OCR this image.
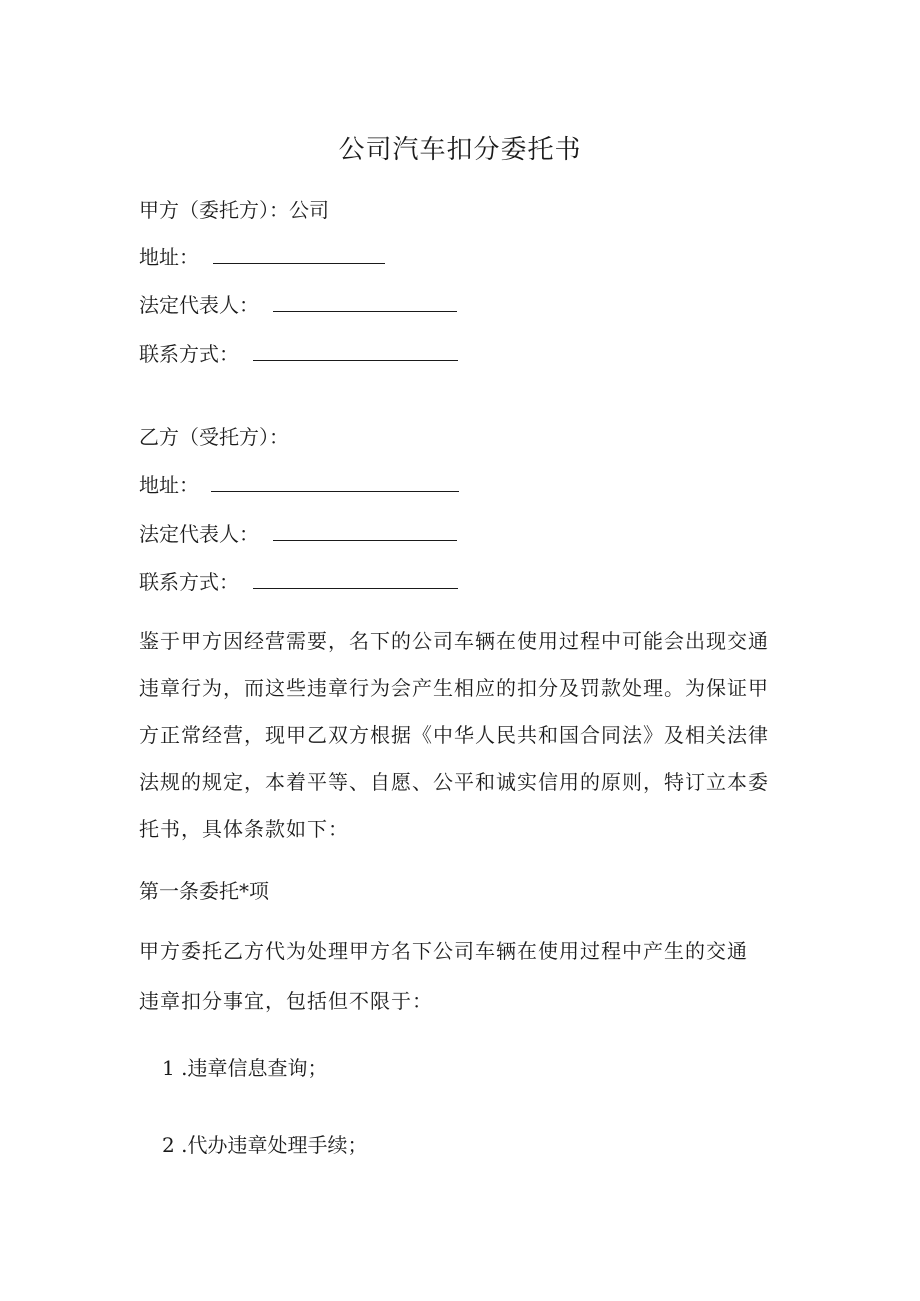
公司汽车扣分委托书
甲方（委托方）：公司
地址：
法定代表人：
联系方式：
乙方（受托方）：
地址：
法定代表人：
联系方式：
鉴于甲方因经营需要，名下的公司车辆在使用过程中可能会出现交通
违章行为，而这些违章行为会产生相应的扣分及罚款处理。为保证甲
方正常经营，现甲乙双方根据《中华人民共和国合同法》及相关法律
法规的规定，本着平等、自愿、公平和诚实信用的原则，特订立本委
托书，具体条款如下：
第一条委托*项
甲方委托乙方代为处理甲方名下公司车辆在使用过程中产生的交通
违章扣分事宜，包括但不限于：
1 .违章信息查询；
2 .代办违章处理手续；
